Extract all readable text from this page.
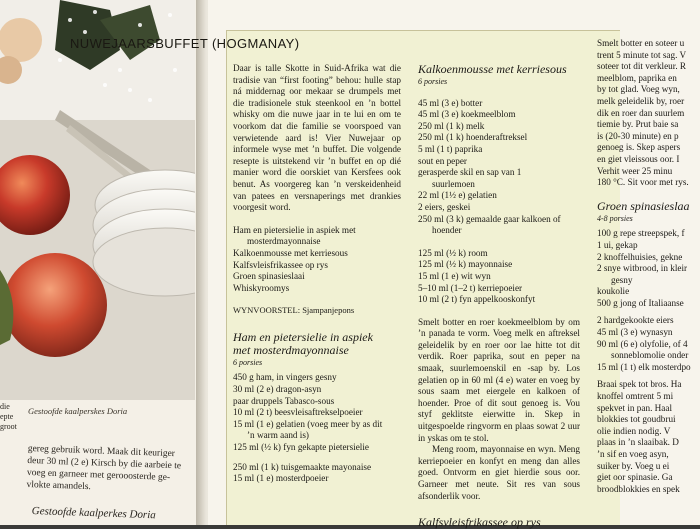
die
epte
groot
Gestoofde kaalperskes Doria
gereg gebruik word. Maak dit keuriger
deur 30 ml (2 e) Kirsch by die aarbeie te
voeg en garneer met gerooosterde ge-
vlokte amandels.
Gestoofde kaalperkes Doria
NUWEJAARSBUFFET (HOGMANAY)

Daar is talle Skotte in Suid-Afrika wat die tradisie van “first footing” behou: hulle stap ná middernag oor mekaar se drumpels met die tradisionele stuk steenkool en ’n bottel whisky om die nuwe jaar in te lui en om te voorkom dat die familie se voorspoed van verwietende aard is! Vier Nuwejaar op informele wyse met ’n buffet. Die volgende resepte is uitstekend vir ’n buffet en op dié manier word die oorskiet van Kersfees ook benut. As voorgereg kan ’n verskeidenheid van patees en versnaperings met drankies voorgesit word.

Ham en pietersielie in aspiek met
mosterdmayonnaise
Kalkoenmousse met kerriesous
Kalfsvleisfrikassee op rys
Groen spinasieslaai
Whiskyroomys

WYNVOORSTEL: Sjampanjepons

Ham en pietersielie in aspiek

met mosterdmayonnaise

6 porsies

450 g ham, in vingers gesny
30 ml (2 e) dragon-asyn
paar druppels Tabasco-sous
10 ml (2 t) beesvleisaftrekselpoeier
15 ml (1 e) gelatien (voeg meer by as dit
’n warm aand is)
125 ml (½ k) fyn gekapte pietersielie
250 ml (1 k) tuisgemaakte mayonaise
15 ml (1 e) mosterdpoeier

Kalkoenmousse met kerriesous

6 porsies

45 ml (3 e) botter
45 ml (3 e) koekmeelblom
250 ml (1 k) melk
250 ml (1 k) hoenderaftreksel
5 ml (1 t) paprika
sout en peper
gerasperde skil en sap van 1
suurlemoen
22 ml (1½ e) gelatien
2 eiers, geskei
250 ml (3 k) gemaalde gaar kalkoen of
hoender
125 ml (½ k) room
125 ml (½ k) mayonnaise
15 ml (1 e) wit wyn
5–10 ml (1–2 t) kerriepoeier
10 ml (2 t) fyn appelkooskonfyt

Smelt botter en roer koekmeelblom by om ’n panada te vorm. Voeg melk en aftreksel geleidelik by en roer oor lae hitte tot dit verdik. Roer paprika, sout en peper na smaak, suurlemoenskil en -sap by. Los gelatien op in 60 ml (4 e) water en voeg by sous saam met eiergele en kalkoen of hoender. Proe of dit sout genoeg is. Vou styf geklitste eierwitte in. Skep in uitgespoelde ringvorm en plaas sowat 2 uur in yskas om te stol.

Meng room, mayonnaise en wyn. Meng kerriepoeier en konfyt en meng dan alles goed. Ontvorm en giet hierdie sous oor. Garneer met neute. Sit res van sous afsonderlik voor.

Kalfsvleisfrikassee op rys

Smelt botter en soteer u

trent 5 minute tot sag. V

soteer tot dit verkleur. R

meelblom, paprika en

by tot glad. Voeg wyn,

melk geleidelik by, roer

dik en roer dan suurlem

tiemie by. Prut baie sa

is (20-30 minute) en p

genoeg is. Skep aspers

en giet vleissous oor. I

Verhit weer 25 minu

180 °C. Sit voor met rys.

Groen spinasieslaa

4-8 porsies

100 g repe streepspek, f

1 ui, gekap

2 knoffelhuisies, gekne

2 snye witbrood, in kleir

gesny

koukolie

500 g jong of Italiaanse

2 hardgekookte eiers

45 ml (3 e) wynasyn

90 ml (6 e) olyfolie, of 4

sonneblomolie onder

15 ml (1 t) elk mosterdpo

Braai spek tot bros. Ha

knoffel omtrent 5 mi

spekvet in pan. Haal

blokkies tot goudbrui

olie indien nodig. V

plaas in ’n slaaibak. D

’n sif en voeg asyn,

suiker by. Voeg u ei

giet oor spinasie. Ga

broodblokkies en spek
